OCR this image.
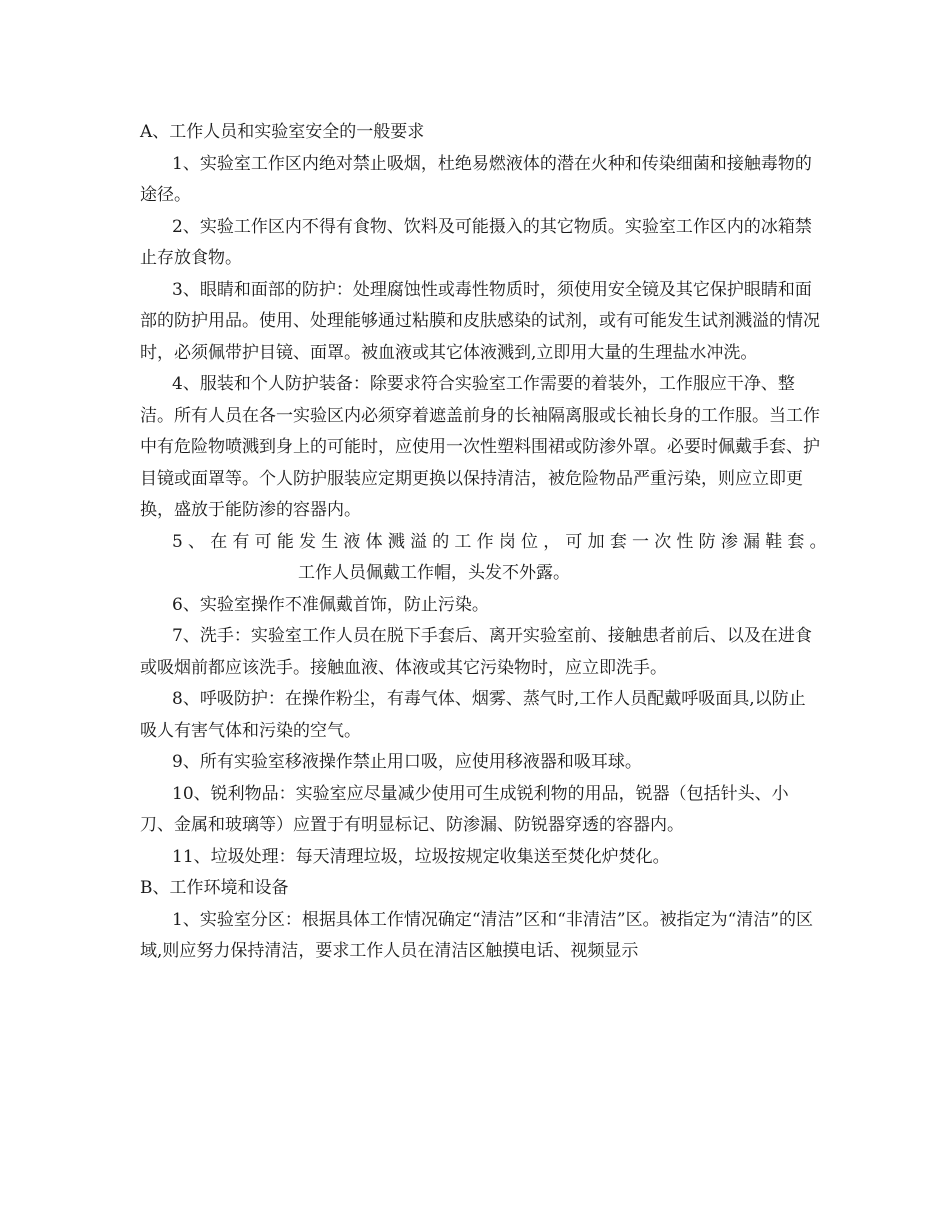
A、工作人员和实验室安全的一般要求

1、实验室工作区内绝对禁止吸烟，杜绝易燃液体的潜在火种和传染细菌和接触毒物的途径。

2、实验工作区内不得有食物、饮料及可能摄入的其它物质。实验室工作区内的冰箱禁止存放食物。

3、眼睛和面部的防护：处理腐蚀性或毒性物质时，须使用安全镜及其它保护眼睛和面部的防护用品。使用、处理能够通过粘膜和皮肤感染的试剂，或有可能发生试剂溅溢的情况时，必须佩带护目镜、面罩。被血液或其它体液溅到,立即用大量的生理盐水冲洗。

4、服装和个人防护装备：除要求符合实验室工作需要的着装外，工作服应干净、整洁。所有人员在各一实验区内必须穿着遮盖前身的长袖隔离服或长袖长身的工作服。当工作中有危险物喷溅到身上的可能时，应使用一次性塑料围裙或防渗外罩。必要时佩戴手套、护目镜或面罩等。个人防护服装应定期更换以保持清洁，被危险物品严重污染，则应立即更换，盛放于能防渗的容器内。

5、在有可能发生液体溅溢的工作岗位，可加套一次性防渗漏鞋套。

工作人员佩戴工作帽，头发不外露。

6、实验室操作不准佩戴首饰，防止污染。

7、洗手：实验室工作人员在脱下手套后、离开实验室前、接触患者前后、以及在进食或吸烟前都应该洗手。接触血液、体液或其它污染物时，应立即洗手。

8、呼吸防护：在操作粉尘，有毒气体、烟雾、蒸气时,工作人员配戴呼吸面具,以防止吸人有害气体和污染的空气。

9、所有实验室移液操作禁止用口吸，应使用移液器和吸耳球。

10、锐利物品：实验室应尽量减少使用可生成锐利物的用品，锐器（包括针头、小刀、金属和玻璃等）应置于有明显标记、防渗漏、防锐器穿透的容器内。

11、垃圾处理：每天清理垃圾，垃圾按规定收集送至焚化炉焚化。

B、工作环境和设备

1、实验室分区：根据具体工作情况确定“清洁”区和“非清洁”区。被指定为“清洁”的区域,则应努力保持清洁，要求工作人员在清洁区触摸电话、视频显示
